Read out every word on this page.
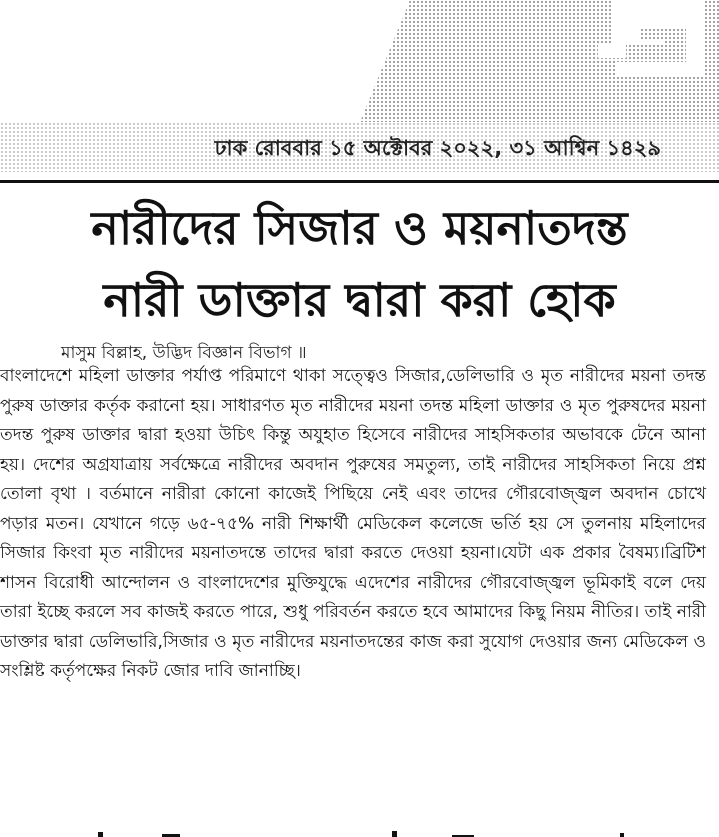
ঢাক রোববার ১৫ অক্টোবর ২০২২, ৩১ আশ্বিন ১৪২৯
নারীদের সিজার ও ময়নাতদন্ত
নারী ডাক্তার দ্বারা করা হোক
মাসুম বিল্লাহ, উদ্ভিদ বিজ্ঞান বিভাগ ॥
বাংলাদেশে মহিলা ডাক্তার পর্যাপ্ত পরিমাণে থাকা সত্ত্বেও সিজার,ডেলিভারি ও মৃত নারীদের ময়না তদন্ত পুরুষ ডাক্তার কর্তৃক করানো হয়। সাধারণত মৃত নারীদের ময়না তদন্ত মহিলা ডাক্তার ও মৃত পুরুষদের ময়না তদন্ত পুরুষ ডাক্তার দ্বারা হওয়া উচিৎ কিন্তু অযুহাত হিসেবে নারীদের সাহসিকতার অভাবকে টেনে আনা হয়। দেশের অগ্রযাত্রায় সর্বক্ষেত্রে নারীদের অবদান পুরুষের সমতুল্য, তাই নারীদের সাহসিকতা নিয়ে প্রশ্ন তোলা বৃথা । বর্তমানে নারীরা কোনো কাজেই পিছিয়ে নেই এবং তাদের গৌরবোজ্জ্বল অবদান চোখে পড়ার মতন। যেখানে গড়ে ৬৫-৭৫% নারী শিক্ষার্থী মেডিকেল কলেজে ভর্তি হয় সে তুলনায় মহিলাদের সিজার কিংবা মৃত নারীদের ময়নাতদন্তে তাদের দ্বারা করতে দেওয়া হয়না।যেটা এক প্রকার বৈষম্য।ব্রিটিশ শাসন বিরোধী আন্দোলন ও বাংলাদেশের মুক্তিযুদ্ধে এদেশের নারীদের গৌরবোজ্জ্বল ভূমিকাই বলে দেয় তারা ইচ্ছে করলে সব কাজই করতে পারে, শুধু পরিবর্তন করতে হবে আমাদের কিছু নিয়ম নীতির। তাই নারী ডাক্তার দ্বারা ডেলিভারি,সিজার ও মৃত নারীদের ময়নাতদন্তের কাজ করা সুযোগ দেওয়ার জন্য মেডিকেল ও সংশ্লিষ্ট কর্তৃপক্ষের নিকট জোর দাবি জানাচ্ছি।
